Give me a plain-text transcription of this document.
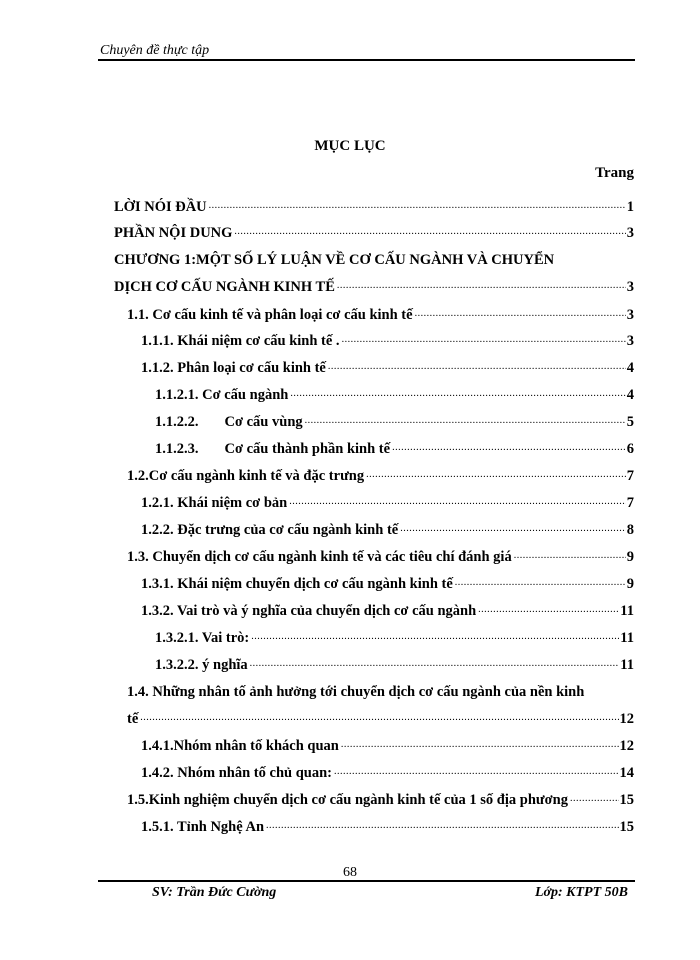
Chuyên đề thực tập
MỤC LỤC
Trang
LỜI NÓI ĐẦU .....	1
PHẦN NỘI DUNG .....	3
CHƯƠNG 1:MỘT SỐ LÝ LUẬN VỀ CƠ CẤU NGÀNH VÀ CHUYỂN
DỊCH CƠ CẤU NGÀNH KINH TẾ .....	3
1.1. Cơ cấu kinh tế và phân loại cơ cấu kinh tế .....	3
1.1.1. Khái niệm cơ cấu kinh tế . .....	3
1.1.2. Phân loại cơ cấu kinh tế .....	4
1.1.2.1. Cơ cấu ngành .....	4
1.1.2.2. Cơ cấu vùng .....	5
1.1.2.3. Cơ cấu thành phần kinh tế .....	6
1.2.Cơ cấu ngành kinh tế và đặc trưng .....	7
1.2.1. Khái niệm cơ bản .....	7
1.2.2. Đặc trưng của cơ cấu ngành kinh tế .....	8
1.3. Chuyển dịch cơ cấu ngành kinh tế và các tiêu chí đánh giá .....	9
1.3.1. Khái niệm chuyển dịch cơ cấu ngành kinh tế .....	9
1.3.2. Vai trò và ý nghĩa của chuyển dịch cơ cấu ngành .....	11
1.3.2.1. Vai trò: .....	11
1.3.2.2. ý nghĩa .....	11
1.4. Những nhân tố ảnh hưởng tới chuyển dịch cơ cấu ngành của nền kinh
tế .....	12
1.4.1.Nhóm nhân tố khách quan .....	12
1.4.2. Nhóm nhân tố chủ quan: .....	14
1.5.Kinh nghiệm chuyển dịch cơ cấu ngành kinh tế của 1 số địa phương .....	15
1.5.1. Tỉnh Nghệ An .....	15
68
SV: Trần Đức Cường	Lớp: KTPT 50B
